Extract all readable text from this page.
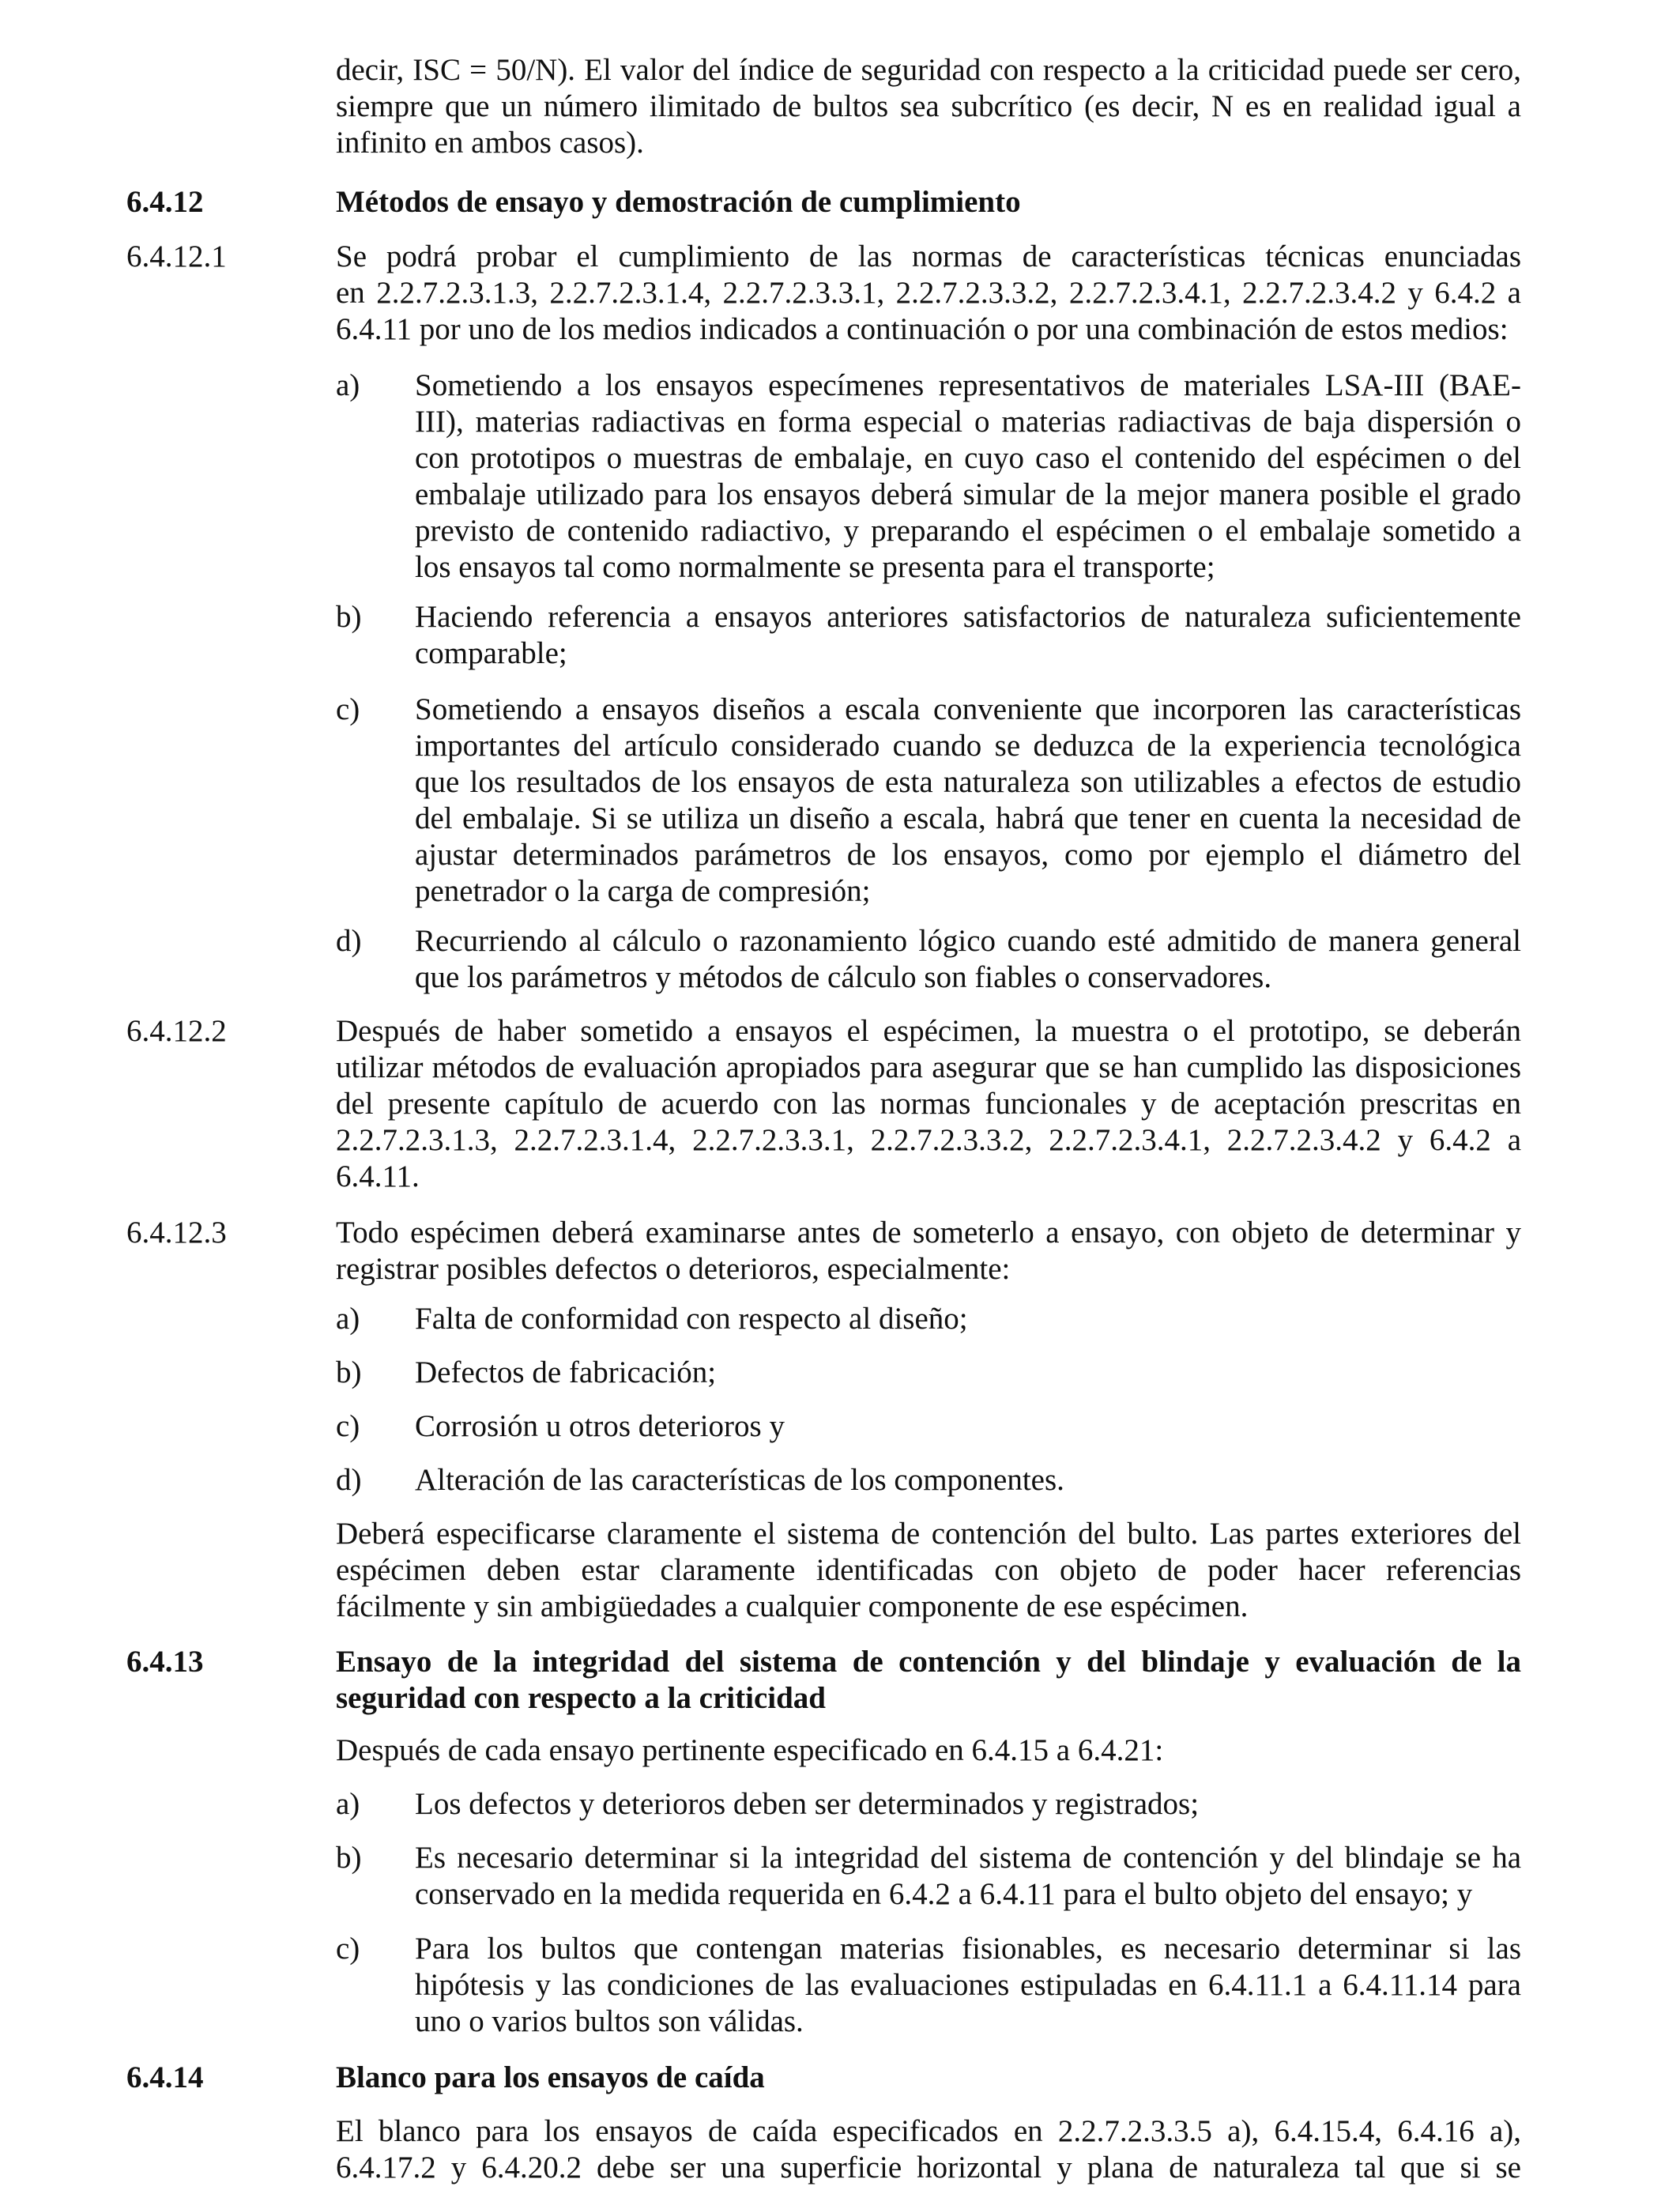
decir, ISC = 50/N). El valor del índice de seguridad con respecto a la criticidad puede ser cero,
siempre que un número ilimitado de bultos sea subcrítico (es decir, N es en realidad igual a
infinito en ambos casos).
6.4.12	Métodos de ensayo y demostración de cumplimiento
6.4.12.1	Se podrá probar el cumplimiento de las normas de características técnicas enunciadas
en 2.2.7.2.3.1.3, 2.2.7.2.3.1.4, 2.2.7.2.3.3.1, 2.2.7.2.3.3.2, 2.2.7.2.3.4.1, 2.2.7.2.3.4.2 y 6.4.2 a
6.4.11 por uno de los medios indicados a continuación o por una combinación de estos medios:
a) Sometiendo a los ensayos especímenes representativos de materiales LSA-III (BAE-
III), materias radiactivas en forma especial o materias radiactivas de baja dispersión o
con prototipos o muestras de embalaje, en cuyo caso el contenido del espécimen o del
embalaje utilizado para los ensayos deberá simular de la mejor manera posible el grado
previsto de contenido radiactivo, y preparando el espécimen o el embalaje sometido a
los ensayos tal como normalmente se presenta para el transporte;
b) Haciendo referencia a ensayos anteriores satisfactorios de naturaleza suficientemente
comparable;
c) Sometiendo a ensayos diseños a escala conveniente que incorporen las características
importantes del artículo considerado cuando se deduzca de la experiencia tecnológica
que los resultados de los ensayos de esta naturaleza son utilizables a efectos de estudio
del embalaje. Si se utiliza un diseño a escala, habrá que tener en cuenta la necesidad de
ajustar determinados parámetros de los ensayos, como por ejemplo el diámetro del
penetrador o la carga de compresión;
d) Recurriendo al cálculo o razonamiento lógico cuando esté admitido de manera general
que los parámetros y métodos de cálculo son fiables o conservadores.
6.4.12.2	Después de haber sometido a ensayos el espécimen, la muestra o el prototipo, se deberán
utilizar métodos de evaluación apropiados para asegurar que se han cumplido las disposiciones
del presente capítulo de acuerdo con las normas funcionales y de aceptación prescritas en
2.2.7.2.3.1.3, 2.2.7.2.3.1.4, 2.2.7.2.3.3.1, 2.2.7.2.3.3.2, 2.2.7.2.3.4.1, 2.2.7.2.3.4.2 y 6.4.2 a
6.4.11.
6.4.12.3	Todo espécimen deberá examinarse antes de someterlo a ensayo, con objeto de determinar y
registrar posibles defectos o deterioros, especialmente:
a) Falta de conformidad con respecto al diseño;
b) Defectos de fabricación;
c) Corrosión u otros deterioros y
d) Alteración de las características de los componentes.
Deberá especificarse claramente el sistema de contención del bulto. Las partes exteriores del
espécimen deben estar claramente identificadas con objeto de poder hacer referencias
fácilmente y sin ambigüedades a cualquier componente de ese espécimen.
6.4.13	Ensayo de la integridad del sistema de contención y del blindaje y evaluación de la
seguridad con respecto a la criticidad
Después de cada ensayo pertinente especificado en 6.4.15 a 6.4.21:
a) Los defectos y deterioros deben ser determinados y registrados;
b) Es necesario determinar si la integridad del sistema de contención y del blindaje se ha
conservado en la medida requerida en 6.4.2 a 6.4.11 para el bulto objeto del ensayo; y
c) Para los bultos que contengan materias fisionables, es necesario determinar si las
hipótesis y las condiciones de las evaluaciones estipuladas en 6.4.11.1 a 6.4.11.14 para
uno o varios bultos son válidas.
6.4.14	Blanco para los ensayos de caída
El blanco para los ensayos de caída especificados en 2.2.7.2.3.3.5 a), 6.4.15.4, 6.4.16 a),
6.4.17.2 y 6.4.20.2 debe ser una superficie horizontal y plana de naturaleza tal que si se
